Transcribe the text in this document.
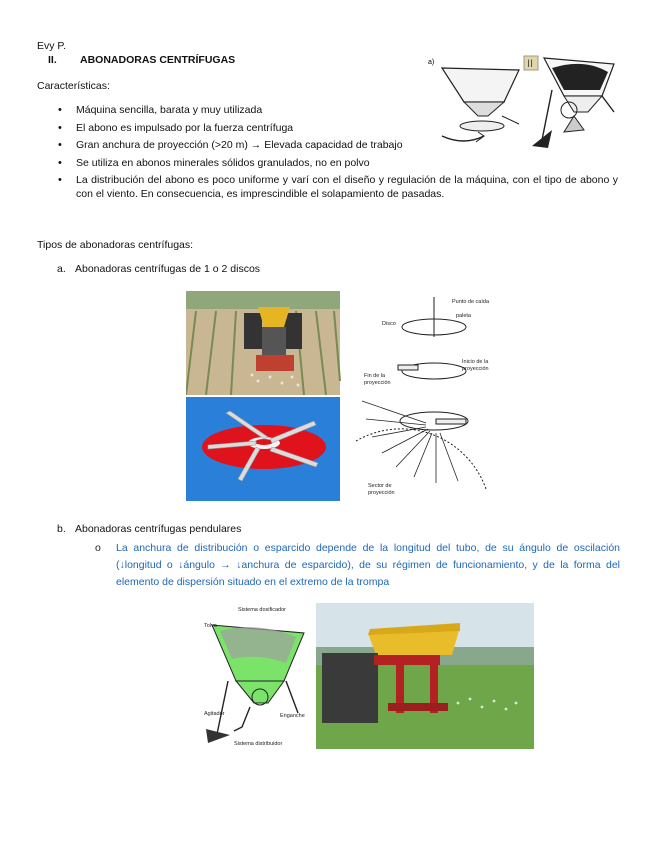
Evy P.
II. ABONADORAS CENTRÍFUGAS
Características:
• Máquina sencilla, barata y muy utilizada
• El abono es impulsado por la fuerza centrífuga
• Gran anchura de proyección (>20 m) → Elevada capacidad de trabajo
• Se utiliza en abonos minerales sólidos granulados, no en polvo
• La distribución del abono es poco uniforme y varí con el diseño y regulación de la máquina, con el tipo de abono y con el viento. En consecuencia, es imprescindible el solapamiento de pasadas.
a)	II
Tipos de abonadoras centrífugas:
a. Abonadoras centrífugas de 1 o 2 discos
Punto de caída
paleta
Disco
Inicio de la
proyección
Fin de la
proyección
Sector de
proyección
b. Abonadoras centrífugas pendulares
o La anchura de distribución o esparcido depende de la longitud del tubo, de su ángulo de oscilación (↓longitud o ↓ángulo → ↓anchura de esparcido), de su régimen de funcionamiento, y de la forma del elemento de dispersión situado en el extremo de la trompa
Sistema dosificador
Tolva
Agitador	Enganche
Sistema distribuidor
